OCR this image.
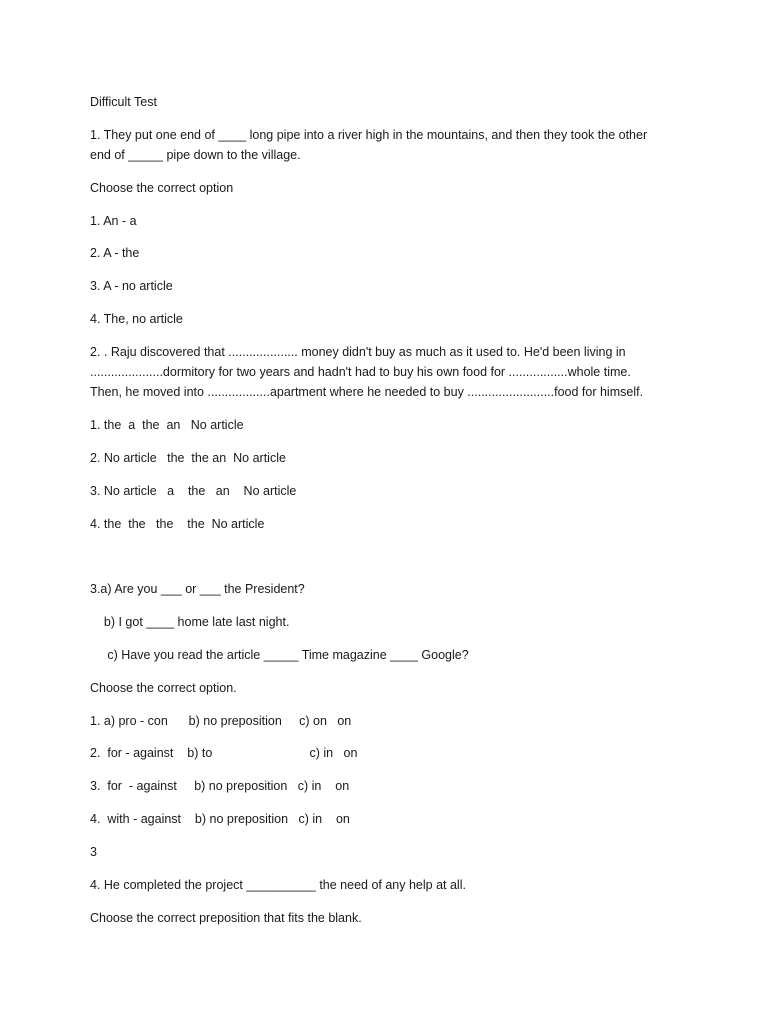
Difficult Test

1. They put one end of ____ long pipe into a river high in the mountains, and then they took the other
end of _____ pipe down to the village.

Choose the correct option

1. An - a

2. A - the

3. A - no article

4. The, no article

2. . Raju discovered that .................... money didn't buy as much as it used to. He'd been living in
.....................dormitory for two years and hadn't had to buy his own food for .................whole time.
Then, he moved into ..................apartment where he needed to buy .........................food for himself.

1. the  a  the  an   No article

2. No article   the  the an  No article

3. No article   a    the   an    No article

4. the  the   the    the  No article

3.a) Are you ___ or ___ the President?

b) I got ____ home late last night.

c) Have you read the article _____ Time magazine ____ Google?

Choose the correct option.

1. a) pro - con      b) no preposition     c) on   on

2.  for - against    b) to                            c) in   on

3.  for  - against     b) no preposition   c) in    on

4.  with - against    b) no preposition   c) in    on

3

4. He completed the project __________ the need of any help at all.

Choose the correct preposition that fits the blank.
